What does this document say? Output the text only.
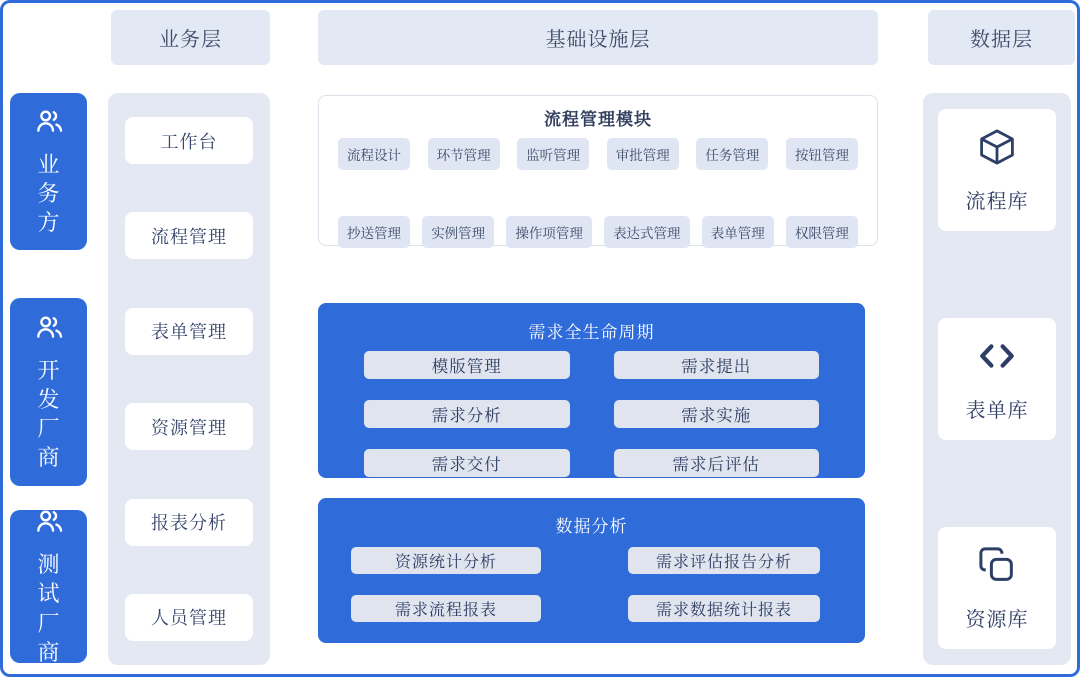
业务层	基础设施层	数据层
业务方
开发厂商
测试厂商
工作台
流程管理
表单管理
资源管理
报表分析
人员管理
流程管理模块
流程设计	环节管理	监听管理	审批管理	任务管理	按钮管理
抄送管理	实例管理	操作项管理	表达式管理	表单管理	权限管理
需求全生命周期
模版管理	需求提出
需求分析	需求实施
需求交付	需求后评估
数据分析
资源统计分析	需求评估报告分析
需求流程报表	需求数据统计报表
流程库
表单库
资源库
